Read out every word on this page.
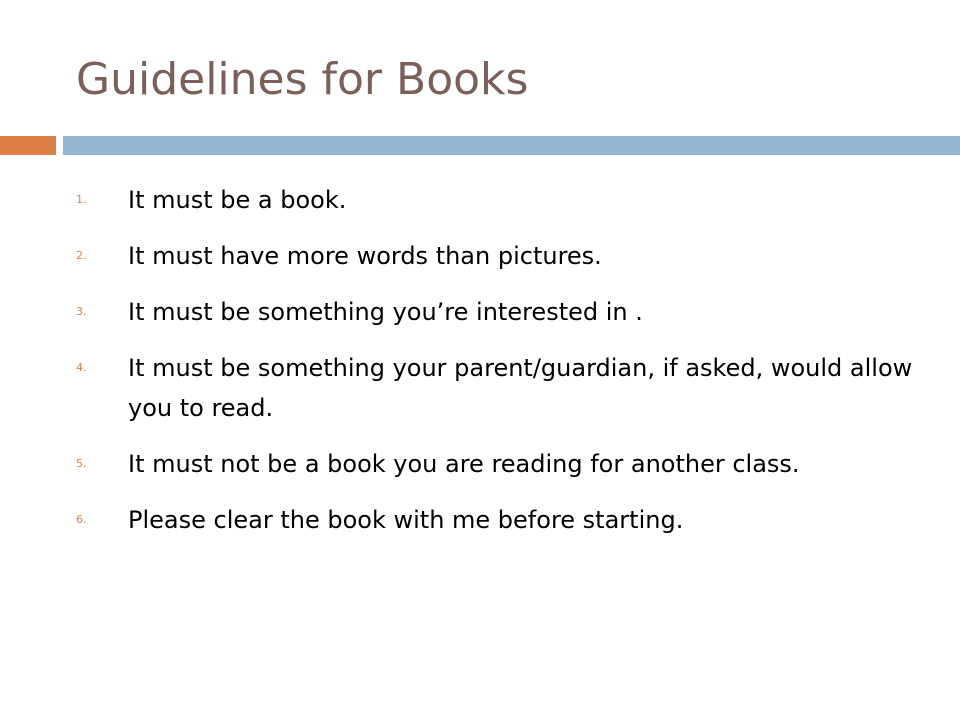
Guidelines for Books
1.	It must be a book.
2.	It must have more words than pictures.
3.	It must be something you’re interested in .
4.	It must be something your parent/guardian, if asked, would allow you to read.
5.	It must not be a book you are reading for another class.
6.	Please clear the book with me before starting.
